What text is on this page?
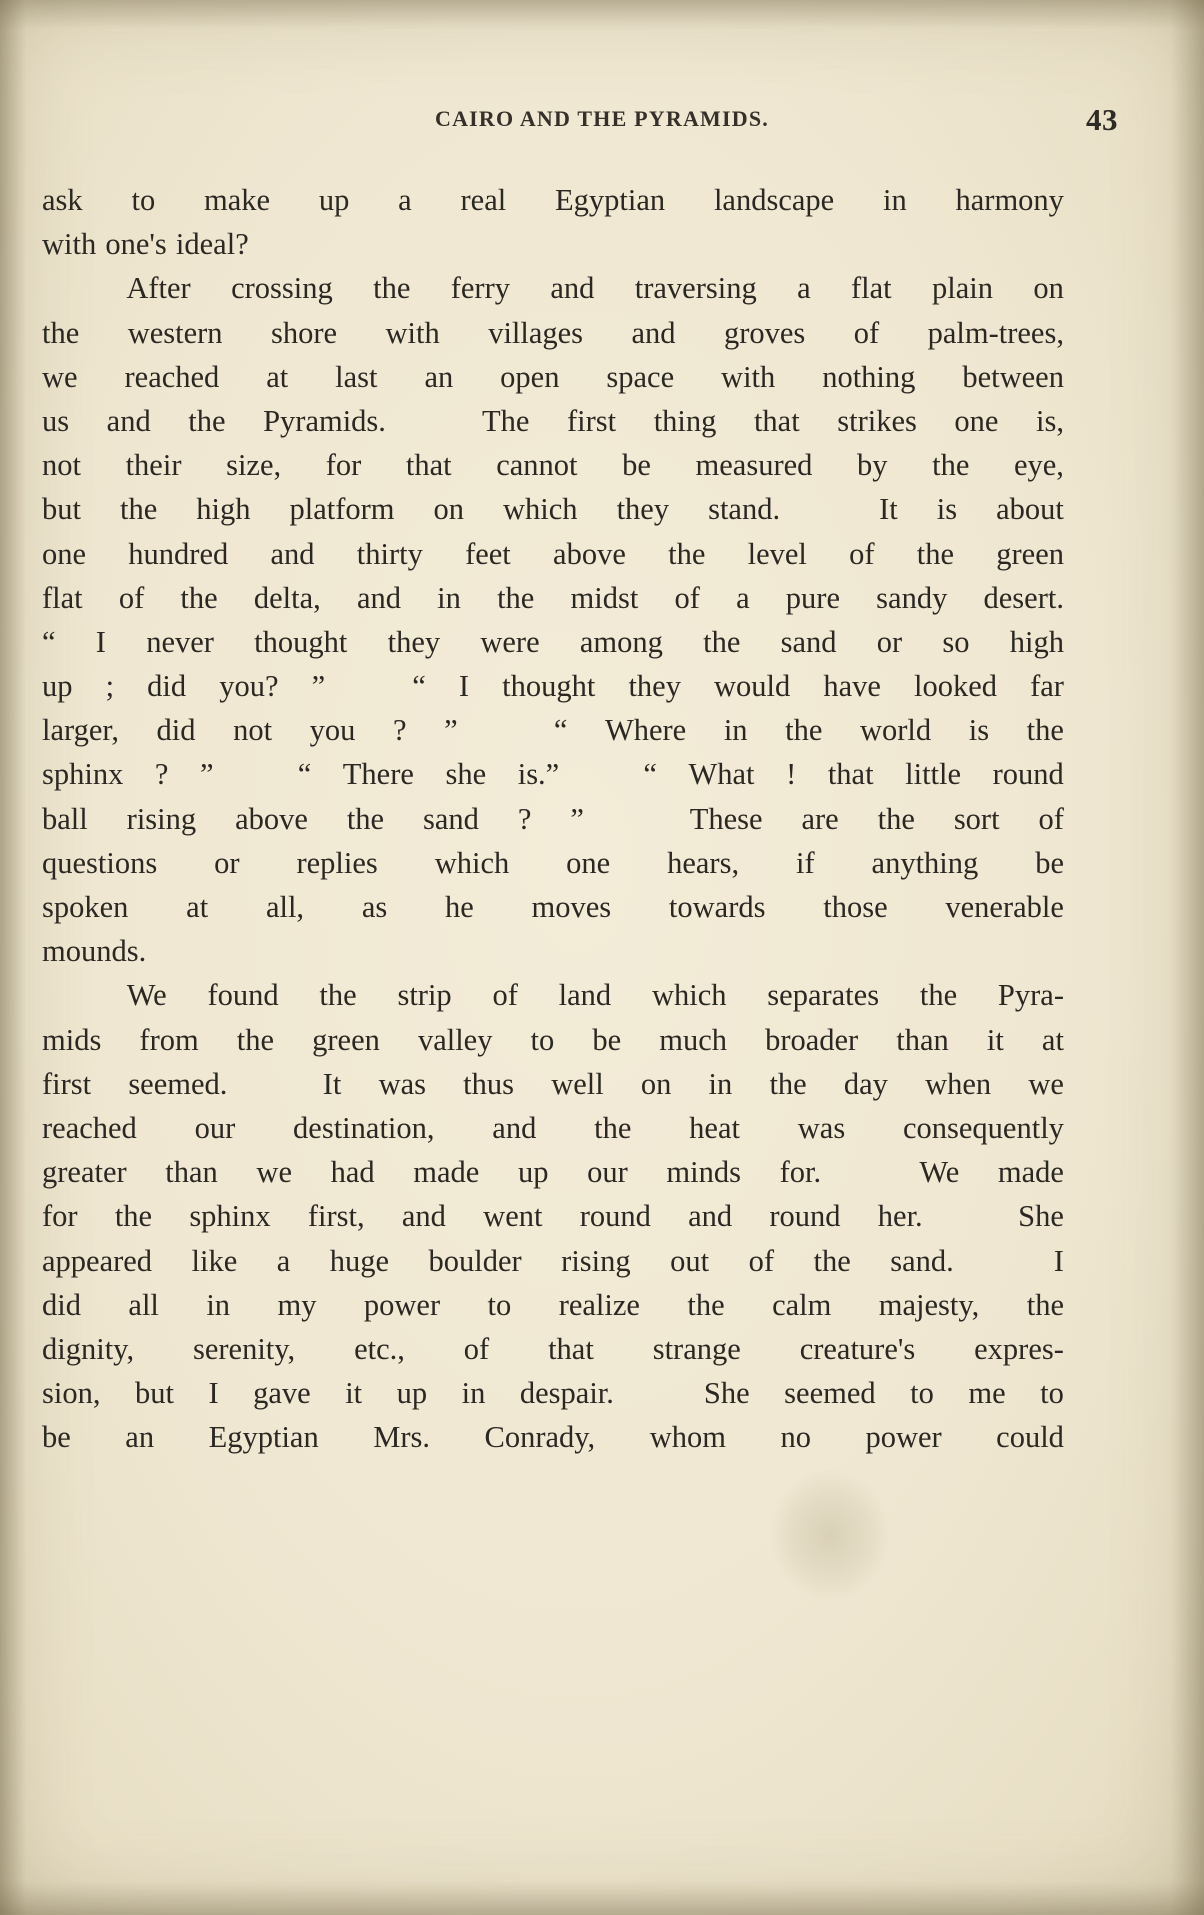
CAIRO AND THE PYRAMIDS.	43
ask to make up a real Egyptian landscape in harmony
with one's ideal?
After crossing the ferry and traversing a flat plain on
the western shore with villages and groves of palm-trees,
we reached at last an open space with nothing between
us and the Pyramids.
	The first thing that strikes one is,
not their size, for that cannot be measured by the eye,
but the high platform on which they stand.
	It is about
one hundred and thirty feet above the level of the green
flat of the delta, and in the midst of a pure sandy desert.
“ I never thought they were among the sand or so high
up ; did you? ”
	“ I thought they would have looked far
larger, did not you ? ”
	“ Where in the world is the
sphinx ? ”
	“ There she is.”
	“ What ! that little round
ball rising above the sand ? ”
	These are the sort of
questions or replies which one hears, if anything be
spoken at all, as he moves towards those venerable
mounds.
We found the strip of land which separates the Pyra-
mids from the green valley to be much broader than it at
first seemed.
	It was thus well on in the day when we
reached our destination, and the heat was consequently
greater than we had made up our minds for.
	We made
for the sphinx first, and went round and round her.
	She
appeared like a huge boulder rising out of the sand.
	I
did all in my power to realize the calm majesty, the
dignity, serenity, etc., of that strange creature's expres-
sion, but I gave it up in despair.
	She seemed to me to
be an Egyptian Mrs. Conrady, whom no power could
